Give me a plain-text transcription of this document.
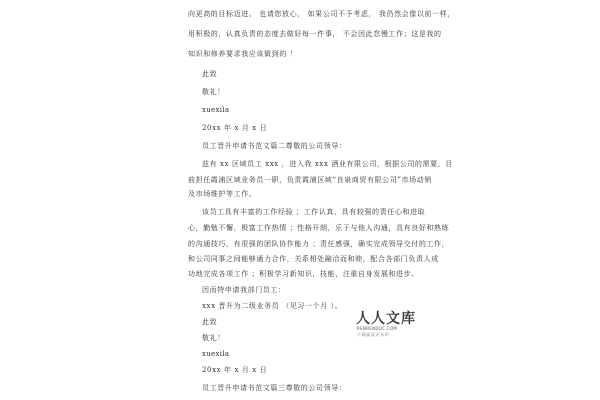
向更高的目标迈进。 也请您放心， 如果公司不予考虑， 我仍然会像以前一样，
用积极的，认真负责的态度去做好每一件事， 不会因此怠慢工作；这是我的
知识和修养要求我应该做到的 ！
此致
敬礼！
xuexila
20xx 年 x 月 x 日
员工晋升申请书范文篇二尊敬的公司领导：
兹有 xx 区域员工 xxx ，进入我 xxx 酒业有限公司，根据公司的需要，目
前担任霞浦区域业务员一职，负责霞浦区域“良泉商贸有限公司”市场动销
及市场维护等工作。
该员工具有丰富的工作经验 ；工作认真、具有较强的责任心和进取
心，勤勉不懈，极富工作热情 ；性格开朗，乐于与他人沟通，具有良好和熟练
的沟通技巧，有很强的团队协作能力 ；责任感强，确实完成领导交付的工作，
和公司同事之间能够通力合作，关系相处融洽而和睦，配合各部门负责人成
功地完成各项工作 ；积极学习新知识，技能，注重自身发展和进步。
因而特申请我部门员工：
xxx 晋升为二级业务员 （见习一个月 ）。
此致
敬礼！
xuexila
20xx 年 x 月 x 日
员工晋升申请书范文篇三尊敬的公司领导：
人人文库
RENRENDOC.COM
下载高清无水印
